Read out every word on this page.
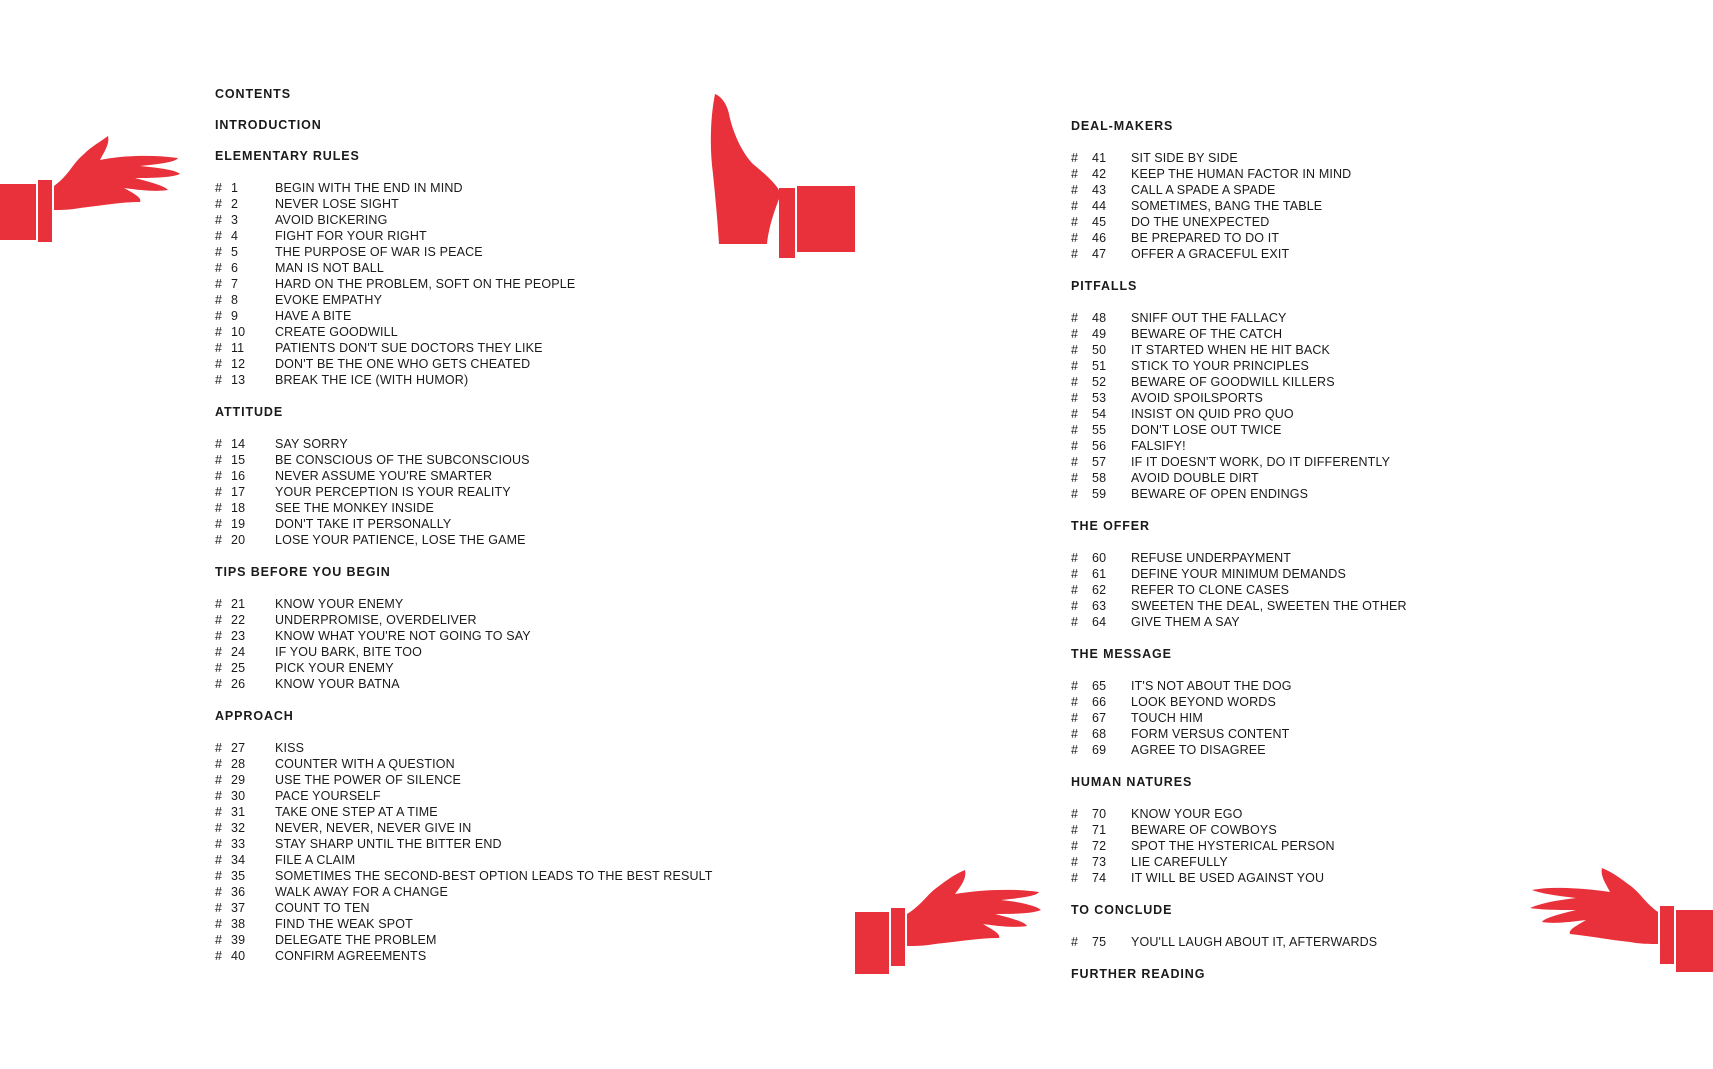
CONTENTS
INTRODUCTION
ELEMENTARY RULES
# 1	BEGIN WITH THE END IN MIND
# 2	NEVER LOSE SIGHT
# 3	AVOID BICKERING
# 4	FIGHT FOR YOUR RIGHT
# 5	THE PURPOSE OF WAR IS PEACE
# 6	MAN IS NOT BALL
# 7	HARD ON THE PROBLEM, SOFT ON THE PEOPLE
# 8	EVOKE EMPATHY
# 9	HAVE A BITE
# 10	CREATE GOODWILL
# 11	PATIENTS DON'T SUE DOCTORS THEY LIKE
# 12	DON'T BE THE ONE WHO GETS CHEATED
# 13	BREAK THE ICE (WITH HUMOR)
ATTITUDE
# 14	SAY SORRY
# 15	BE CONSCIOUS OF THE SUBCONSCIOUS
# 16	NEVER ASSUME YOU'RE SMARTER
# 17	YOUR PERCEPTION IS YOUR REALITY
# 18	SEE THE MONKEY INSIDE
# 19	DON'T TAKE IT PERSONALLY
# 20	LOSE YOUR PATIENCE, LOSE THE GAME
TIPS BEFORE YOU BEGIN
# 21	KNOW YOUR ENEMY
# 22	UNDERPROMISE, OVERDELIVER
# 23	KNOW WHAT YOU'RE NOT GOING TO SAY
# 24	IF YOU BARK, BITE TOO
# 25	PICK YOUR ENEMY
# 26	KNOW YOUR BATNA
APPROACH
# 27	KISS
# 28	COUNTER WITH A QUESTION
# 29	USE THE POWER OF SILENCE
# 30	PACE YOURSELF
# 31	TAKE ONE STEP AT A TIME
# 32	NEVER, NEVER, NEVER GIVE IN
# 33	STAY SHARP UNTIL THE BITTER END
# 34	FILE A CLAIM
# 35	SOMETIMES THE SECOND-BEST OPTION LEADS TO THE BEST RESULT
# 36	WALK AWAY FOR A CHANGE
# 37	COUNT TO TEN
# 38	FIND THE WEAK SPOT
# 39	DELEGATE THE PROBLEM
# 40	CONFIRM AGREEMENTS
DEAL-MAKERS
#	41	SIT SIDE BY SIDE
#	42	KEEP THE HUMAN FACTOR IN MIND
#	43	CALL A SPADE A SPADE
#	44	SOMETIMES, BANG THE TABLE
#	45	DO THE UNEXPECTED
#	46	BE PREPARED TO DO IT
#	47	OFFER A GRACEFUL EXIT
PITFALLS
#	48	SNIFF OUT THE FALLACY
#	49	BEWARE OF THE CATCH
#	50	IT STARTED WHEN HE HIT BACK
#	51	STICK TO YOUR PRINCIPLES
#	52	BEWARE OF GOODWILL KILLERS
#	53	AVOID SPOILSPORTS
#	54	INSIST ON QUID PRO QUO
#	55	DON'T LOSE OUT TWICE
#	56	FALSIFY!
#	57	IF IT DOESN'T WORK, DO IT DIFFERENTLY
#	58	AVOID DOUBLE DIRT
#	59	BEWARE OF OPEN ENDINGS
THE OFFER
#	60	REFUSE UNDERPAYMENT
#	61	DEFINE YOUR MINIMUM DEMANDS
#	62	REFER TO CLONE CASES
#	63	SWEETEN THE DEAL, SWEETEN THE OTHER
#	64	GIVE THEM A SAY
THE MESSAGE
#	65	IT'S NOT ABOUT THE DOG
#	66	LOOK BEYOND WORDS
#	67	TOUCH HIM
#	68	FORM VERSUS CONTENT
#	69	AGREE TO DISAGREE
HUMAN NATURES
#	70	KNOW YOUR EGO
#	71	BEWARE OF COWBOYS
#	72	SPOT THE HYSTERICAL PERSON
#	73	LIE CAREFULLY
#	74	IT WILL BE USED AGAINST YOU
TO CONCLUDE
#	75	YOU'LL LAUGH ABOUT IT, AFTERWARDS
FURTHER READING
